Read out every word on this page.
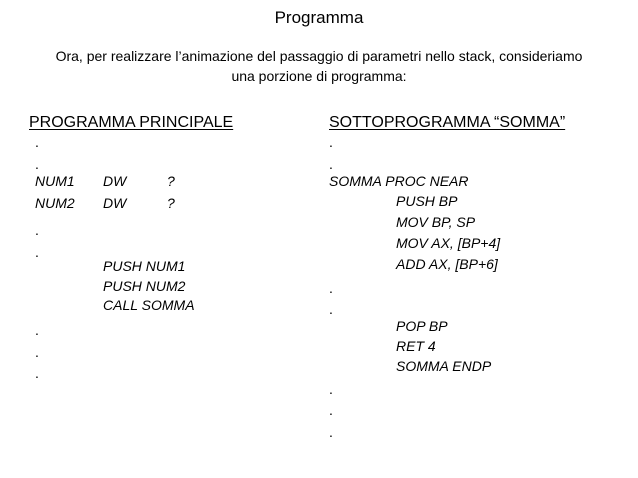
Programma
Ora, per realizzare l’animazione del passaggio di parametri nello stack, consideriamo
una porzione di programma:
PROGRAMMA PRINCIPALE
.
.
NUM1 DW	?
NUM2 DW	?
.
.
PUSH NUM1
PUSH NUM2
CALL SOMMA
.
.
.
SOTTOPROGRAMMA “SOMMA”
.
.
SOMMA PROC NEAR
PUSH BP
MOV BP, SP
MOV AX, [BP+4]
ADD AX, [BP+6]
.
.
POP BP
RET 4
SOMMA ENDP
.
.
.
